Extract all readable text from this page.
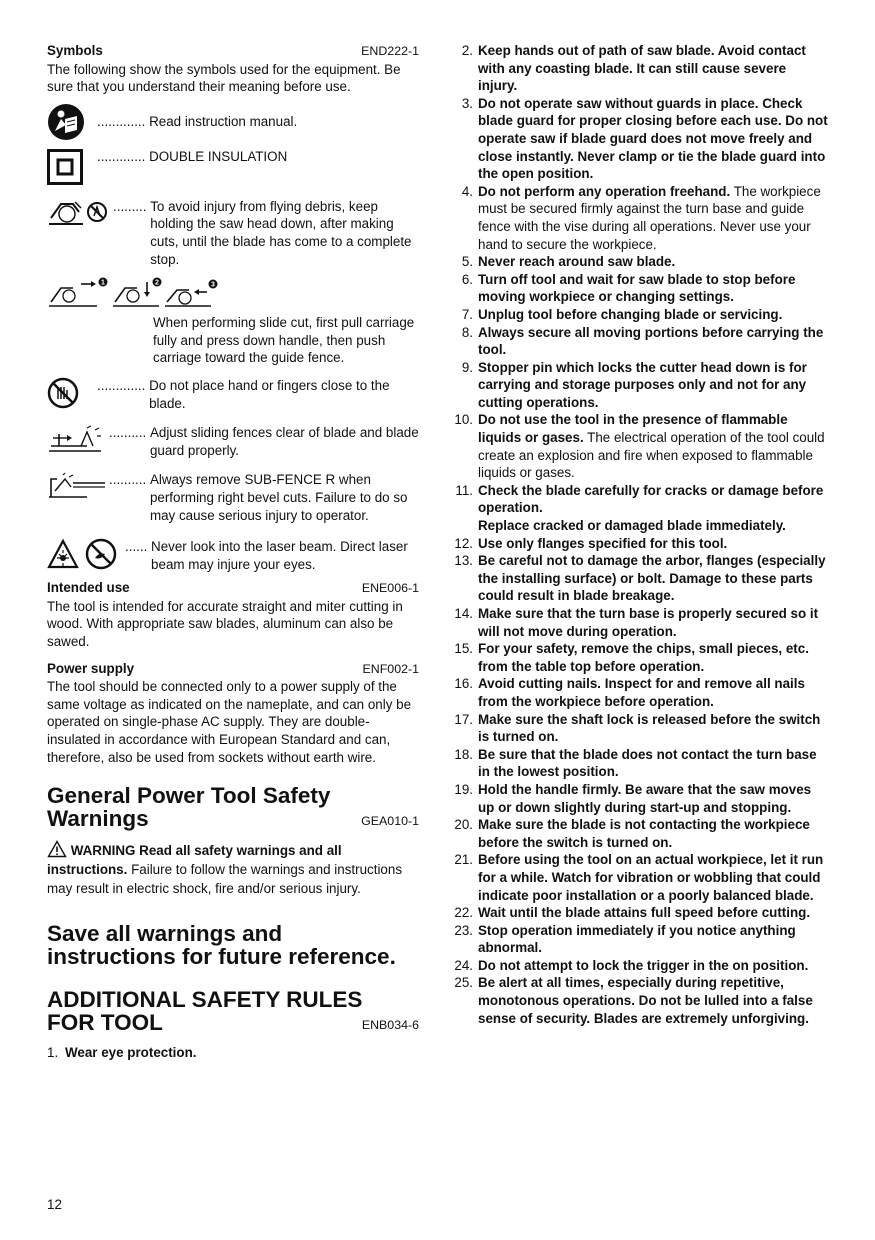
Symbols	END222-1

The following show the symbols used for the equipment. Be sure that you understand their meaning before use.

............. Read instruction manual.
............. DOUBLE INSULATION
......... To avoid injury from flying debris, keep holding the saw head down, after making cuts, until the blade has come to a complete stop.
1	2	3
When performing slide cut, first pull carriage fully and press down handle, then push carriage toward the guide fence.
............. Do not place hand or fingers close to the blade.
.......... Adjust sliding fences clear of blade and blade guard properly.
.......... Always remove SUB-FENCE R when performing right bevel cuts. Failure to do so may cause serious injury to operator.
...... Never look into the laser beam. Direct laser beam may injure your eyes.
Intended use	ENE006-1

The tool is intended for accurate straight and miter cutting in wood. With appropriate saw blades, aluminum can also be sawed.

Power supply	ENF002-1

The tool should be connected only to a power supply of the same voltage as indicated on the nameplate, and can only be operated on single-phase AC supply. They are double-insulated in accordance with European Standard and can, therefore, also be used from sockets without earth wire.

General Power Tool Safety
Warnings	GEA010-1

WARNING Read all safety warnings and all instructions. Failure to follow the warnings and instructions may result in electric shock, fire and/or serious injury.

Save all warnings and
instructions for future reference.
ADDITIONAL SAFETY RULES
FOR TOOL	ENB034-6
1. Wear eye protection.
2. Keep hands out of path of saw blade. Avoid contact with any coasting blade. It can still cause severe injury.
3. Do not operate saw without guards in place. Check blade guard for proper closing before each use. Do not operate saw if blade guard does not move freely and close instantly. Never clamp or tie the blade guard into the open position.
4. Do not perform any operation freehand. The workpiece must be secured firmly against the turn base and guide fence with the vise during all operations. Never use your hand to secure the workpiece.
5. Never reach around saw blade.
6. Turn off tool and wait for saw blade to stop before moving workpiece or changing settings.
7. Unplug tool before changing blade or servicing.
8. Always secure all moving portions before carrying the tool.
9. Stopper pin which locks the cutter head down is for carrying and storage purposes only and not for any cutting operations.
10. Do not use the tool in the presence of flammable liquids or gases. The electrical operation of the tool could create an explosion and fire when exposed to flammable liquids or gases.
11. Check the blade carefully for cracks or damage before operation.
Replace cracked or damaged blade immediately.
12. Use only flanges specified for this tool.
13. Be careful not to damage the arbor, flanges (especially the installing surface) or bolt. Damage to these parts could result in blade breakage.
14. Make sure that the turn base is properly secured so it will not move during operation.
15. For your safety, remove the chips, small pieces, etc. from the table top before operation.
16. Avoid cutting nails. Inspect for and remove all nails from the workpiece before operation.
17. Make sure the shaft lock is released before the switch is turned on.
18. Be sure that the blade does not contact the turn base in the lowest position.
19. Hold the handle firmly. Be aware that the saw moves up or down slightly during start-up and stopping.
20. Make sure the blade is not contacting the workpiece before the switch is turned on.
21. Before using the tool on an actual workpiece, let it run for a while. Watch for vibration or wobbling that could indicate poor installation or a poorly balanced blade.
22. Wait until the blade attains full speed before cutting.
23. Stop operation immediately if you notice anything abnormal.
24. Do not attempt to lock the trigger in the on position.
25. Be alert at all times, especially during repetitive, monotonous operations. Do not be lulled into a false sense of security. Blades are extremely unforgiving.
12
